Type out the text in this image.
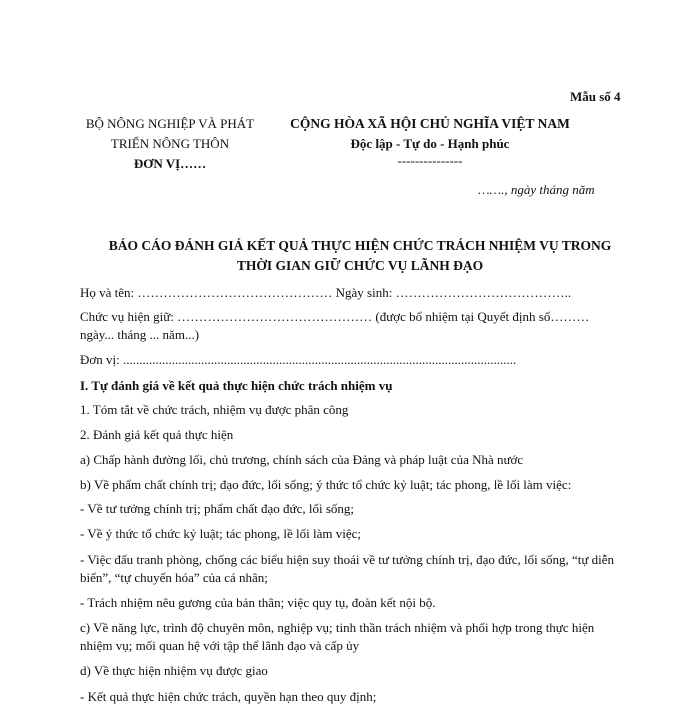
Mẫu số 4
BỘ NÔNG NGHIỆP VÀ PHÁT
TRIỂN NÔNG THÔN
ĐƠN VỊ……
CỘNG HÒA XÃ HỘI CHỦ NGHĨA VIỆT NAM
Độc lập - Tự do - Hạnh phúc
---------------
……., ngày tháng năm
BÁO CÁO ĐÁNH GIÁ KẾT QUẢ THỰC HIỆN CHỨC TRÁCH NHIỆM VỤ TRONG
THỜI GIAN GIỮ CHỨC VỤ LÃNH ĐẠO
Họ và tên: ……………………………………… Ngày sinh: …………………………………..
Chức vụ hiện giữ: ……………………………………… (được bổ nhiệm tại Quyết định số……… ngày... tháng ... năm...)
Đơn vị: .........................................................................................................................
I. Tự đánh giá về kết quả thực hiện chức trách nhiệm vụ
1. Tóm tắt về chức trách, nhiệm vụ được phân công
2. Đánh giá kết quả thực hiện
a) Chấp hành đường lối, chủ trương, chính sách của Đảng và pháp luật của Nhà nước
b) Về phẩm chất chính trị; đạo đức, lối sống; ý thức tổ chức kỷ luật; tác phong, lề lối làm việc:
- Về tư tưởng chính trị; phẩm chất đạo đức, lối sống;
- Về ý thức tổ chức kỷ luật; tác phong, lề lối làm việc;
- Việc đấu tranh phòng, chống các biểu hiện suy thoái về tư tưởng chính trị, đạo đức, lối sống, “tự diễn biến”, “tự chuyển hóa” của cá nhân;
- Trách nhiệm nêu gương của bản thân; việc quy tụ, đoàn kết nội bộ.
c) Về năng lực, trình độ chuyên môn, nghiệp vụ; tinh thần trách nhiệm và phối hợp trong thực hiện nhiệm vụ; mối quan hệ với tập thể lãnh đạo và cấp ủy
d) Về thực hiện nhiệm vụ được giao
- Kết quả thực hiện chức trách, quyền hạn theo quy định;
